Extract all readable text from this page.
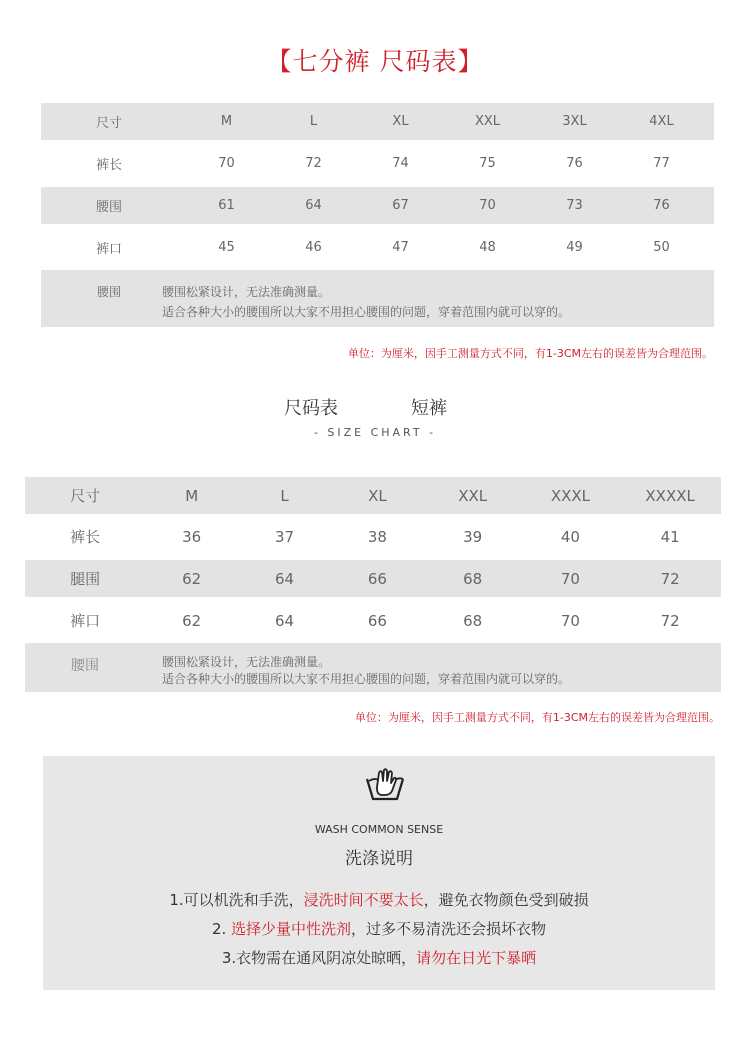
【七分裤 尺码表】
尺寸	M	L	XL	XXL	3XL	4XL
裤长	70	72	74	75	76	77
腰围	61	64	67	70	73	76
裤口	45	46	47	48	49	50
腰围	腰围松紧设计，无法准确测量。
适合各种大小的腰围所以大家不用担心腰围的问题，穿着范围内就可以穿的。
单位：为厘米，因手工测量方式不同，有1-3CM左右的误差皆为合理范围。
尺码表	短裤
- SIZE CHART -
尺寸	M	L	XL	XXL	XXXL	XXXXL
裤长	36	37	38	39	40	41
腿围	62	64	66	68	70	72
裤口	62	64	66	68	70	72
腰围	腰围松紧设计，无法准确测量。
适合各种大小的腰围所以大家不用担心腰围的问题，穿着范围内就可以穿的。
单位：为厘米，因手工测量方式不同，有1-3CM左右的误差皆为合理范围。
WASH COMMON SENSE
洗涤说明
1.可以机洗和手洗，浸洗时间不要太长，避免衣物颜色受到破损
2. 选择少量中性洗剂，过多不易清洗还会损坏衣物
3.衣物需在通风阴凉处晾晒，请勿在日光下暴晒
